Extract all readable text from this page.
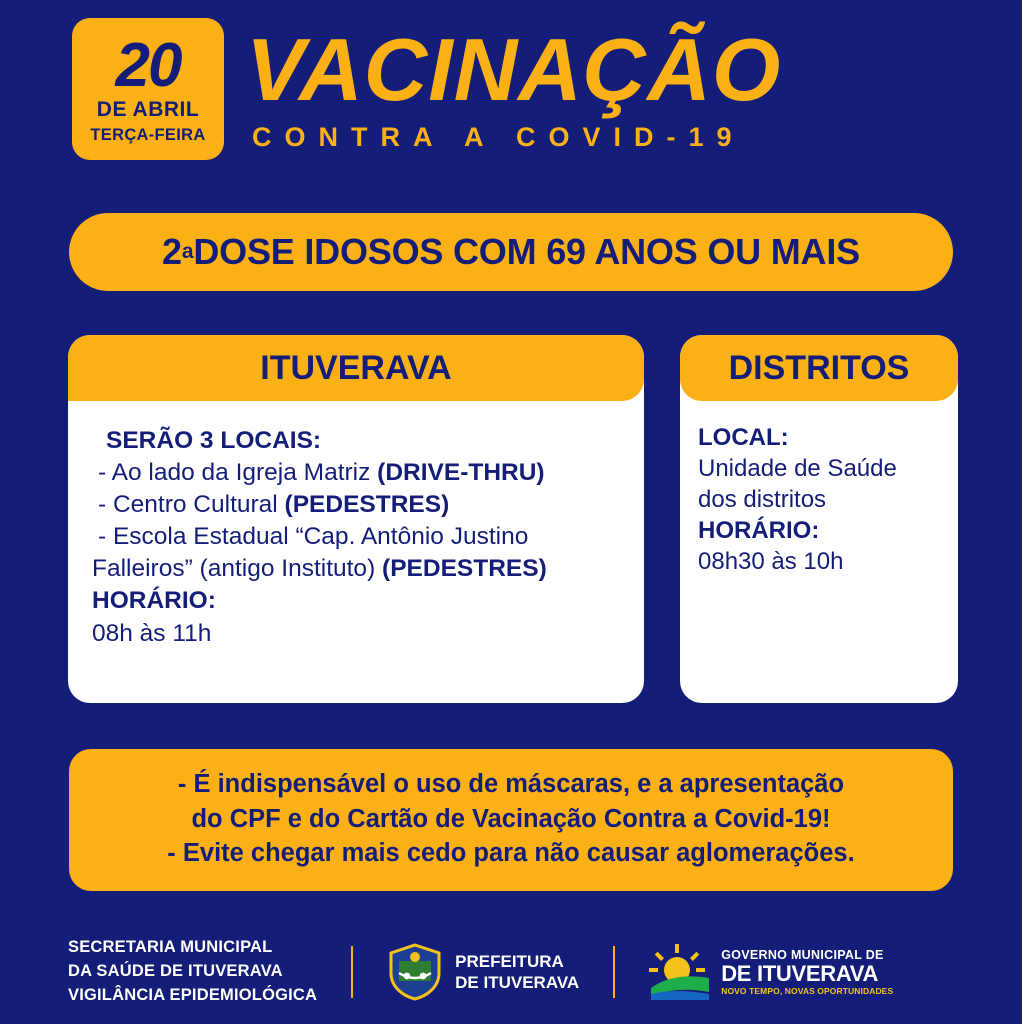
20
DE ABRIL
TERÇA-FEIRA
VACINAÇÃO
CONTRA A COVID-19
2 a DOSE IDOSOS COM 69 ANOS OU MAIS
ITUVERAVA
SERÃO 3 LOCAIS:
- Ao lado da Igreja Matriz (DRIVE-THRU)
- Centro Cultural (PEDESTRES)
- Escola Estadual “Cap. Antônio Justino
Falleiros” (antigo Instituto) (PEDESTRES)
HORÁRIO:
08h às 11h
DISTRITOS
LOCAL:
Unidade de Saúde
dos distritos
HORÁRIO:
08h30 às 10h
- É indispensável o uso de máscaras, e a apresentação
do CPF e do Cartão de Vacinação Contra a Covid-19!
- Evite chegar mais cedo para não causar aglomerações.
SECRETARIA MUNICIPAL
DA SAÚDE DE ITUVERAVA
VIGILÂNCIA EPIDEMIOLÓGICA
PREFEITURA
DE ITUVERAVA
GOVERNO MUNICIPAL DE
DE ITUVERAVA
NOVO TEMPO, NOVAS OPORTUNIDADES
